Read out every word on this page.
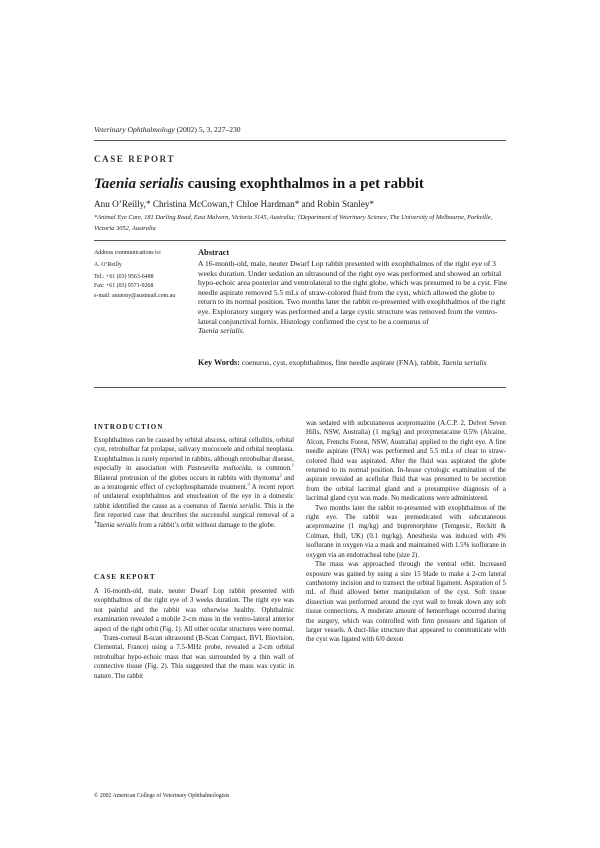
Veterinary Ophthalmology (2002) 5, 3, 227–230
CASE REPORT
Taenia serialis causing exophthalmos in a pet rabbit
Anu O’Reilly,* Christina McCowan,† Chloe Hardman* and Robin Stanley*
*Animal Eye Care, 181 Darling Road, East Malvern, Victoria 3145, Australia; †Department of Veterinary Science, The University of Melbourne, Parkville, Victoria 3052, Australia
Address communications to:
A. O’Reilly
Tel.: +61 (03) 9563-6488
Fax: +61 (03) 9571-9268
e-mail: anutony@austmail.com.au
Abstract
A 16-month-old, male, neuter Dwarf Lop rabbit presented with exophthalmos of the right eye of 3 weeks duration. Under sedation an ultrasound of the right eye was performed and showed an orbital hypo-echoic area posterior and ventrolateral to the right globe, which was presumed to be a cyst. Fine needle aspirate removed 5.5 mLs of straw-colored fluid from the cyst, which allowed the globe to return to its normal position. Two months later the rabbit re-presented with exophthalmos of the right eye. Exploratory surgery was performed and a large cystic structure was removed from the ventro-lateral conjunctival fornix. Histology confirmed the cyst to be a coenurus of
Taenia serialis.
Key Words: coenurus, cyst, exophthalmos, fine needle aspirate (FNA), rabbit, Taenia serialis
INTRODUCTION

Exophthalmos can be caused by orbital abscess, orbital cellulitis, orbital cyst, retrobulbar fat prolapse, salivary mucocoele and orbital neoplasia. Exophthalmos is rarely reported in rabbits, although retrobulbar disease, especially in association with Pasteurella multocida, is common.$^1$ Bilateral protrusion of the globes occurs in rabbits with thymoma$^2$ and as a teratogenic effect of cyclophosphamide treatment.$^3$ A recent report of unilateral exophthalmos and enucleation of the eye in a domestic rabbit identified the cause as a coenurus of Taenia serialis. This is the first reported case that describes the successful surgical removal of a $^4$Taenia serialis from a rabbit’s orbit without damage to the globe.

CASE REPORT

A 16-month-old, male, neuter Dwarf Lop rabbit presented with exophthalmos of the right eye of 3 weeks duration. The right eye was not painful and the rabbit was otherwise healthy. Ophthalmic examination revealed a mobile 2-cm mass in the ventro-lateral anterior aspect of the right orbit (Fig. 1). All other ocular structures were normal.

Trans-corneal B-scan ultrasound (B-Scan Compact, BVI, Biovision, Clemental, France) using a 7.5-MHz probe, revealed a 2-cm orbital retrobulbar hypo-echoic mass that was surrounded by a thin wall of connective tissue (Fig. 2). This suggested that the mass was cystic in nature. The rabbit

was sedated with subcutaneous acepromazine (A.C.P. 2, Delvet Seven Hills, NSW, Australia) (1 mg/kg) and proxymetacaine 0.5% (Alcaine, Alcon, Frenchs Forest, NSW, Australia) applied to the right eye. A fine needle aspirate (FNA) was performed and 5.5 mLs of clear to straw-colored fluid was aspirated. After the fluid was aspirated the globe returned to its normal position. In-house cytologic examination of the aspirate revealed an acellular fluid that was presumed to be secretion from the orbital lacrimal gland and a presumptive diagnosis of a lacrimal gland cyst was made. No medications were administered.

Two months later the rabbit re-presented with exophthalmos of the right eye. The rabbit was premedicated with subcutaneous acepromazine (1 mg/kg) and buprenorphine (Temgesic, Reckitt & Colman, Hull, UK) (0.1 mg/kg). Anesthesia was induced with 4% isoflurane in oxygen via a mask and maintained with 1.5% isoflurane in oxygen via an endotracheal tube (size 2).

The mass was approached through the ventral orbit. Increased exposure was gained by using a size 15 blade to make a 2-cm lateral canthotomy incision and to transect the orbital ligament. Aspiration of 5 mL of fluid allowed better manipulation of the cyst. Soft tissue dissection was performed around the cyst wall to break down any soft tissue connections. A moderate amount of hemorrhage occurred during the surgery, which was controlled with firm pressure and ligation of larger vessels. A duct-like structure that appeared to communicate with the cyst was ligated with 6/0 dexon

© 2002 American College of Veterinary Ophthalmologists
